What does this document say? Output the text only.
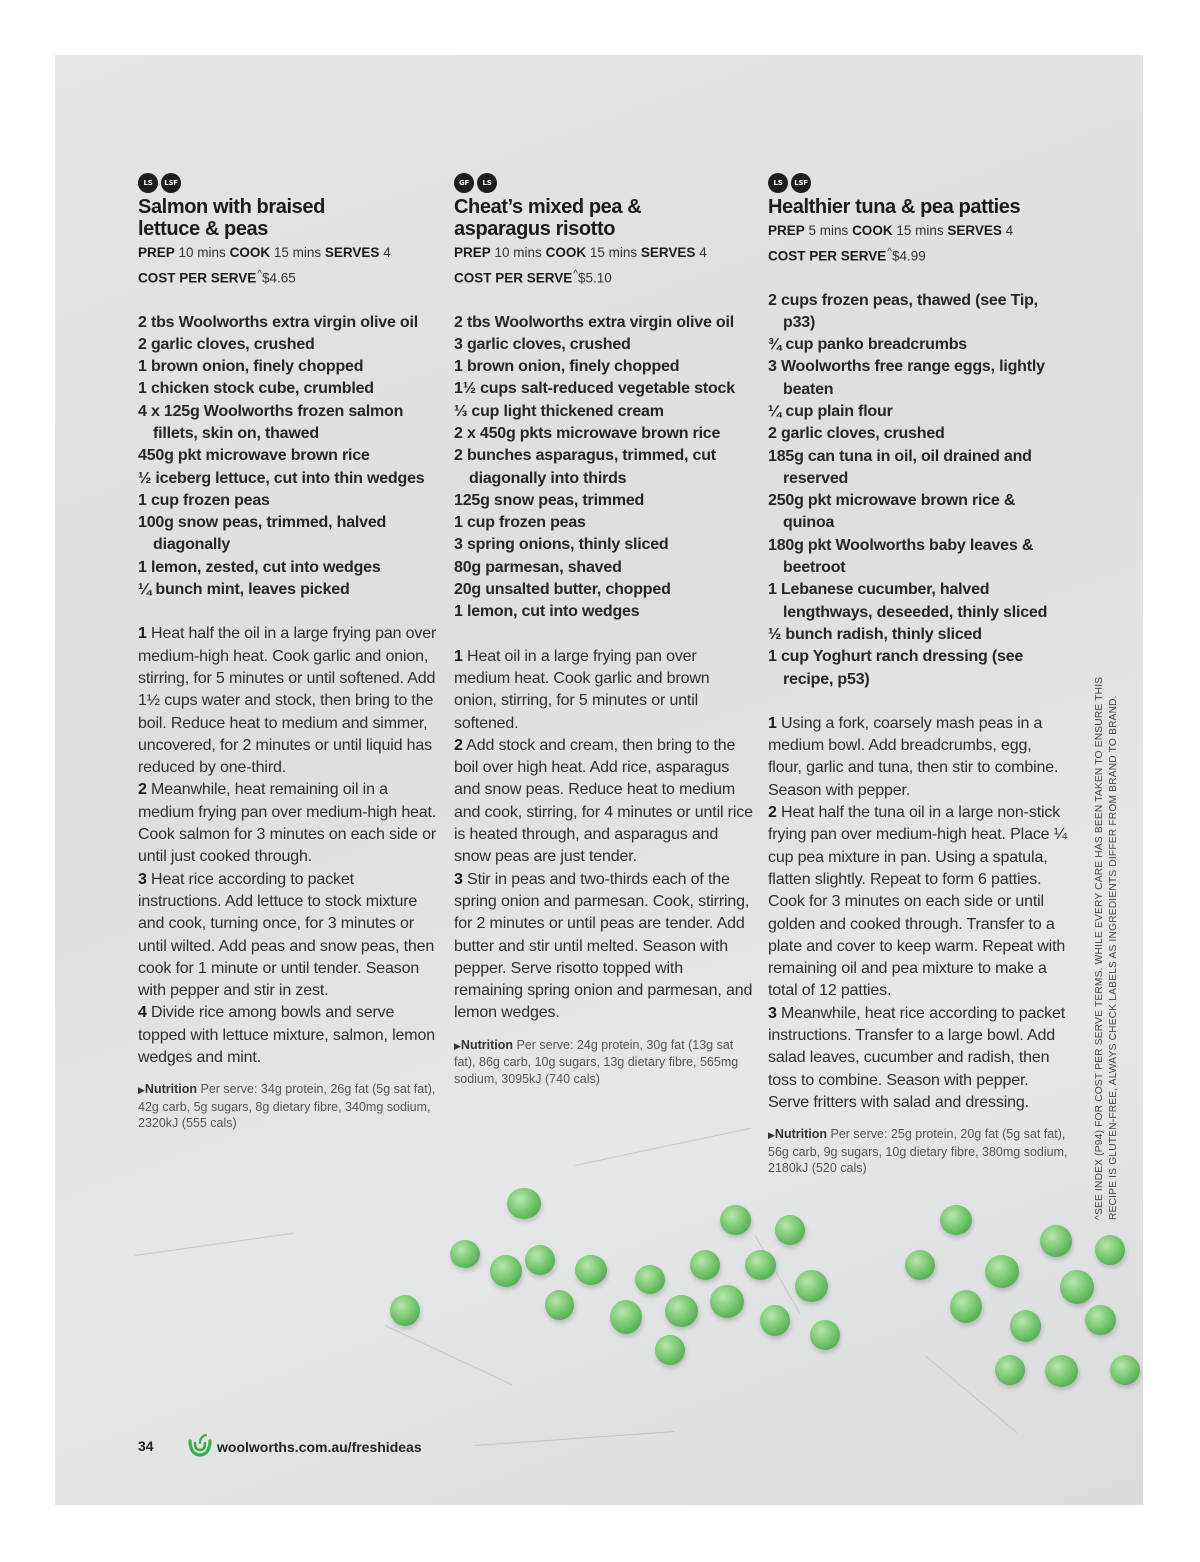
LS	LSF
Salmon with braised
lettuce & peas
PREP 10 mins COOK 15 mins SERVES 4
COST PER SERVE^$4.65
2 tbs Woolworths extra virgin olive oil
2 garlic cloves, crushed
1 brown onion, finely chopped
1 chicken stock cube, crumbled
4 x 125g Woolworths frozen salmon fillets, skin on, thawed
450g pkt microwave brown rice
½ iceberg lettuce, cut into thin wedges
1 cup frozen peas
100g snow peas, trimmed, halved diagonally
1 lemon, zested, cut into wedges
¼ bunch mint, leaves picked

1 Heat half the oil in a large frying pan over medium-high heat. Cook garlic and onion, stirring, for 5 minutes or until softened. Add 1½ cups water and stock, then bring to the boil. Reduce heat to medium and simmer, uncovered, for 2 minutes or until liquid has reduced by one-third.

2 Meanwhile, heat remaining oil in a medium frying pan over medium-high heat. Cook salmon for 3 minutes on each side or until just cooked through.

3 Heat rice according to packet instructions. Add lettuce to stock mixture and cook, turning once, for 3 minutes or until wilted. Add peas and snow peas, then cook for 1 minute or until tender. Season with pepper and stir in zest.

4 Divide rice among bowls and serve topped with lettuce mixture, salmon, lemon wedges and mint.

▶Nutrition Per serve: 34g protein, 26g fat (5g sat fat), 42g carb, 5g sugars, 8g dietary fibre, 340mg sodium, 2320kJ (555 cals)
GF	LS
Cheat’s mixed pea &
asparagus risotto
PREP 10 mins COOK 15 mins SERVES 4
COST PER SERVE^$5.10
2 tbs Woolworths extra virgin olive oil
3 garlic cloves, crushed
1 brown onion, finely chopped
1½ cups salt-reduced vegetable stock
⅓ cup light thickened cream
2 x 450g pkts microwave brown rice
2 bunches asparagus, trimmed, cut diagonally into thirds
125g snow peas, trimmed
1 cup frozen peas
3 spring onions, thinly sliced
80g parmesan, shaved
20g unsalted butter, chopped
1 lemon, cut into wedges

1 Heat oil in a large frying pan over medium heat. Cook garlic and brown onion, stirring, for 5 minutes or until softened.

2 Add stock and cream, then bring to the boil over high heat. Add rice, asparagus and snow peas. Reduce heat to medium and cook, stirring, for 4 minutes or until rice is heated through, and asparagus and snow peas are just tender.

3 Stir in peas and two-thirds each of the spring onion and parmesan. Cook, stirring, for 2 minutes or until peas are tender. Add butter and stir until melted. Season with pepper. Serve risotto topped with remaining spring onion and parmesan, and lemon wedges.

▶Nutrition Per serve: 24g protein, 30g fat (13g sat fat), 86g carb, 10g sugars, 13g dietary fibre, 565mg sodium, 3095kJ (740 cals)
LS	LSF
Healthier tuna & pea patties
PREP 5 mins COOK 15 mins SERVES 4
COST PER SERVE^$4.99
2 cups frozen peas, thawed (see Tip, p33)
¾ cup panko breadcrumbs
3 Woolworths free range eggs, lightly beaten
¼ cup plain flour
2 garlic cloves, crushed
185g can tuna in oil, oil drained and reserved
250g pkt microwave brown rice & quinoa
180g pkt Woolworths baby leaves & beetroot
1 Lebanese cucumber, halved lengthways, deseeded, thinly sliced
½ bunch radish, thinly sliced
1 cup Yoghurt ranch dressing (see recipe, p53)

1 Using a fork, coarsely mash peas in a medium bowl. Add breadcrumbs, egg, flour, garlic and tuna, then stir to combine. Season with pepper.

2 Heat half the tuna oil in a large non-stick frying pan over medium-high heat. Place ¼ cup pea mixture in pan. Using a spatula, flatten slightly. Repeat to form 6 patties. Cook for 3 minutes on each side or until golden and cooked through. Transfer to a plate and cover to keep warm. Repeat with remaining oil and pea mixture to make a total of 12 patties.

3 Meanwhile, heat rice according to packet instructions. Transfer to a large bowl. Add salad leaves, cucumber and radish, then toss to combine. Season with pepper. Serve fritters with salad and dressing.

▶Nutrition Per serve: 25g protein, 20g fat (5g sat fat), 56g carb, 9g sugars, 10g dietary fibre, 380mg sodium, 2180kJ (520 cals)	^SEE INDEX (P94) FOR COST PER SERVE TERMS. WHILE EVERY CARE HAS BEEN TAKEN TO ENSURE THIS RECIPE IS GLUTEN-FREE, ALWAYS CHECK LABELS AS INGREDIENTS DIFFER FROM BRAND TO BRAND.
34	woolworths.com.au/freshideas
